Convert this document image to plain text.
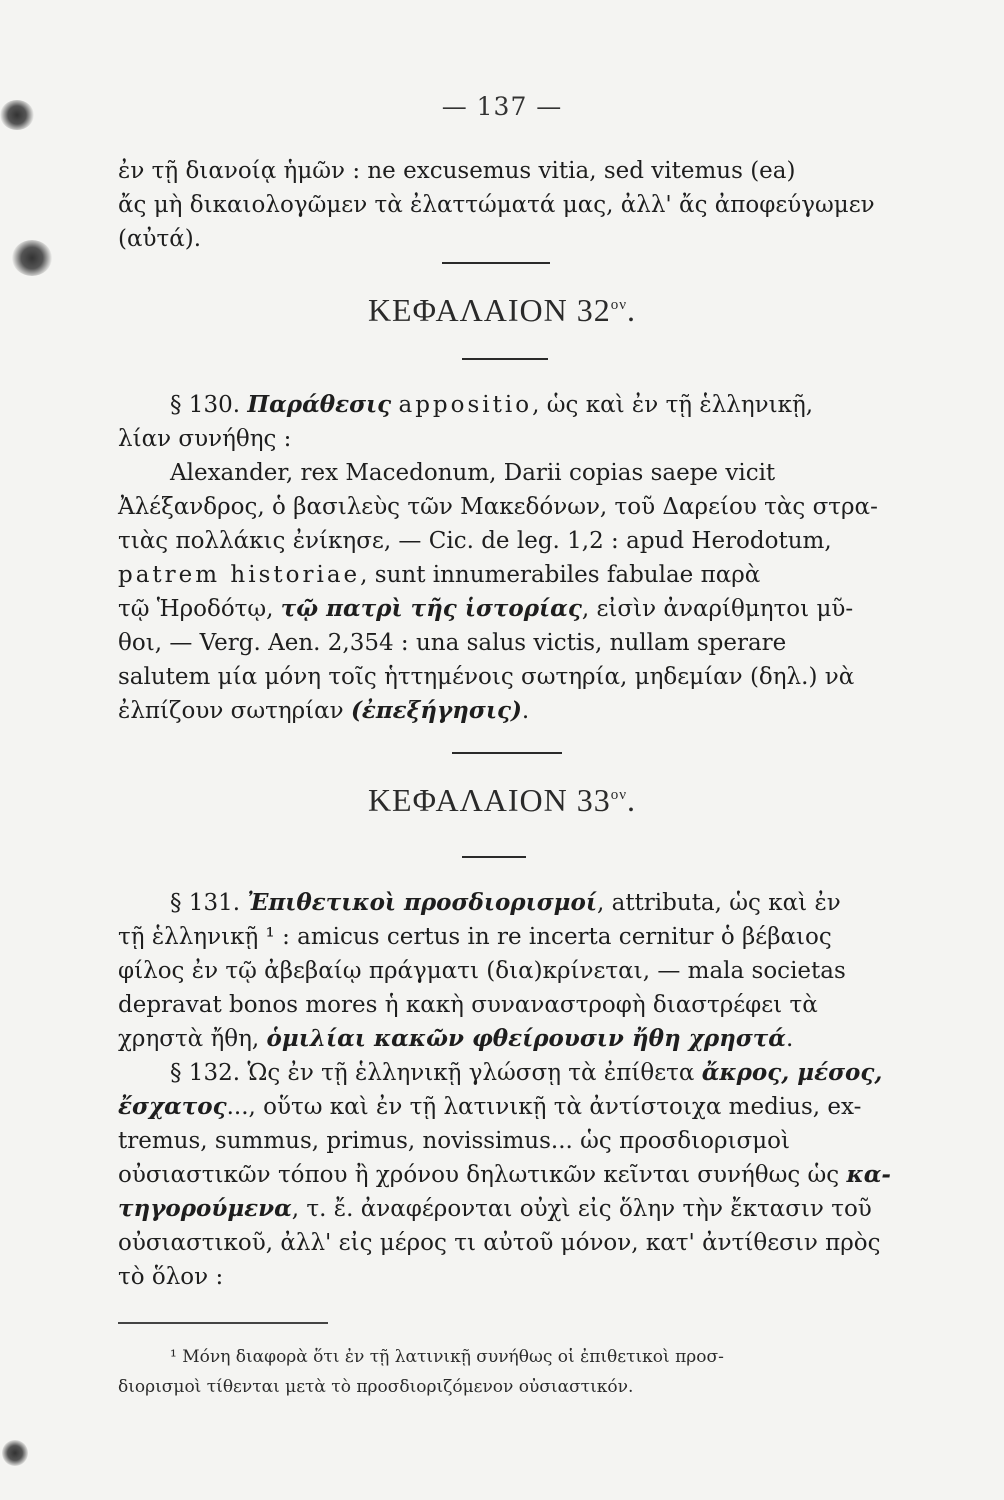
— 137 —
ἐν τῇ διανοίᾳ ἡμῶν : ne excusemus vitia, sed vitemus (ea)
ἄς μὴ δικαιολογῶμεν τὰ ἐλαττώματά μας, ἀλλ' ἄς ἀποφεύγωμεν
(αὐτά).
ΚΕΦΑΛΑΙΟΝ $32^{o\nu}$.
§ 130. Παράθεσις appositio, ὡς καὶ ἐν τῇ ἑλληνικῇ,
λίαν συνήθης :
Alexander, rex Macedonum, Darii copias saepe vicit
Ἀλέξανδρος, ὁ βασιλεὺς τῶν Μακεδόνων, τοῦ Δαρείου τὰς στρα-
τιὰς πολλάκις ἐνίκησε, — Cic. de leg. 1,2 : apud Herodotum,
patrem historiae, sunt innumerabiles fabulae παρὰ
τῷ Ἡροδότῳ, τῷ πατρὶ τῆς ἱστορίας, εἰσὶν ἀναρίθμητοι μῦ-
θοι, — Verg. Aen. 2,354 : una salus victis, nullam sperare
salutem μία μόνη τοῖς ἡττημένοις σωτηρία, μηδεμίαν (δηλ.) νὰ
ἐλπίζουν σωτηρίαν (ἐπεξήγησις).
ΚΕΦΑΛΑΙΟΝ $33^{o\nu}$.
§ 131. Ἐπιθετικοὶ προσδιορισμοί, attributa, ὡς καὶ ἐν
τῇ ἑλληνικῇ ¹ : amicus certus in re incerta cernitur ὁ βέβαιος
φίλος ἐν τῷ ἀβεβαίῳ πράγματι (δια)κρίνεται, — mala societas
depravat bonos mores ἡ κακὴ συναναστροφὴ διαστρέφει τὰ
χρηστὰ ἤθη, ὁμιλίαι κακῶν φθείρουσιν ἤθη χρηστά.
§ 132. Ὡς ἐν τῇ ἑλληνικῇ γλώσσῃ τὰ ἐπίθετα ἄκρος, μέσος,
ἔσχατος..., οὕτω καὶ ἐν τῇ λατινικῇ τὰ ἀντίστοιχα medius, ex-
tremus, summus, primus, novissimus... ὡς προσδιορισμοὶ
οὐσιαστικῶν τόπου ἢ χρόνου δηλωτικῶν κεῖνται συνήθως ὡς κα-
τηγορούμενα, τ. ἔ. ἀναφέρονται οὐχὶ εἰς ὅλην τὴν ἔκτασιν τοῦ
οὐσιαστικοῦ, ἀλλ' εἰς μέρος τι αὐτοῦ μόνον, κατ' ἀντίθεσιν πρὸς
τὸ ὅλον :
¹ Μόνη διαφορὰ ὅτι ἐν τῇ λατινικῇ συνήθως οἱ ἐπιθετικοὶ προσ-
διορισμοὶ τίθενται μετὰ τὸ προσδιοριζόμενον οὐσιαστικόν.
